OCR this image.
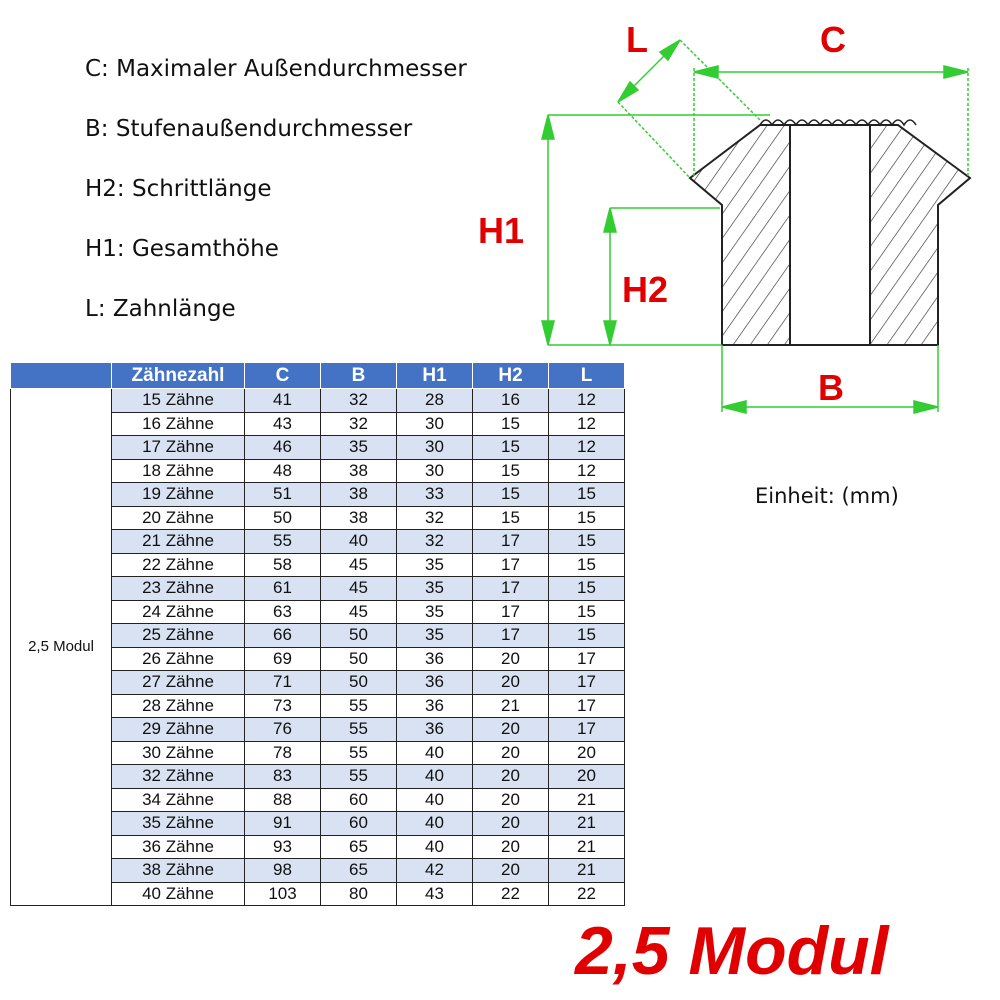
C: Maximaler Außendurchmesser
B: Stufenaußendurchmesser
H2: Schrittlänge
H1: Gesamthöhe
L: Zahnlänge
L	C
H1
H2
B
Einheit: (mm)
	Zähnezahl	C	B	H1	H2	L
2,5 Modul	15 Zähne	41	32	28	16	12
	16 Zähne	43	32	30	15	12
	17 Zähne	46	35	30	15	12
	18 Zähne	48	38	30	15	12
	19 Zähne	51	38	33	15	15
	20 Zähne	50	38	32	15	15
	21 Zähne	55	40	32	17	15
	22 Zähne	58	45	35	17	15
	23 Zähne	61	45	35	17	15
	24 Zähne	63	45	35	17	15
	25 Zähne	66	50	35	17	15
	26 Zähne	69	50	36	20	17
	27 Zähne	71	50	36	20	17
	28 Zähne	73	55	36	21	17
	29 Zähne	76	55	36	20	17
	30 Zähne	78	55	40	20	20
	32 Zähne	83	55	40	20	20
	34 Zähne	88	60	40	20	21
	35 Zähne	91	60	40	20	21
	36 Zähne	93	65	40	20	21
	38 Zähne	98	65	42	20	21
	40 Zähne	103	80	43	22	22
2,5 Modul
